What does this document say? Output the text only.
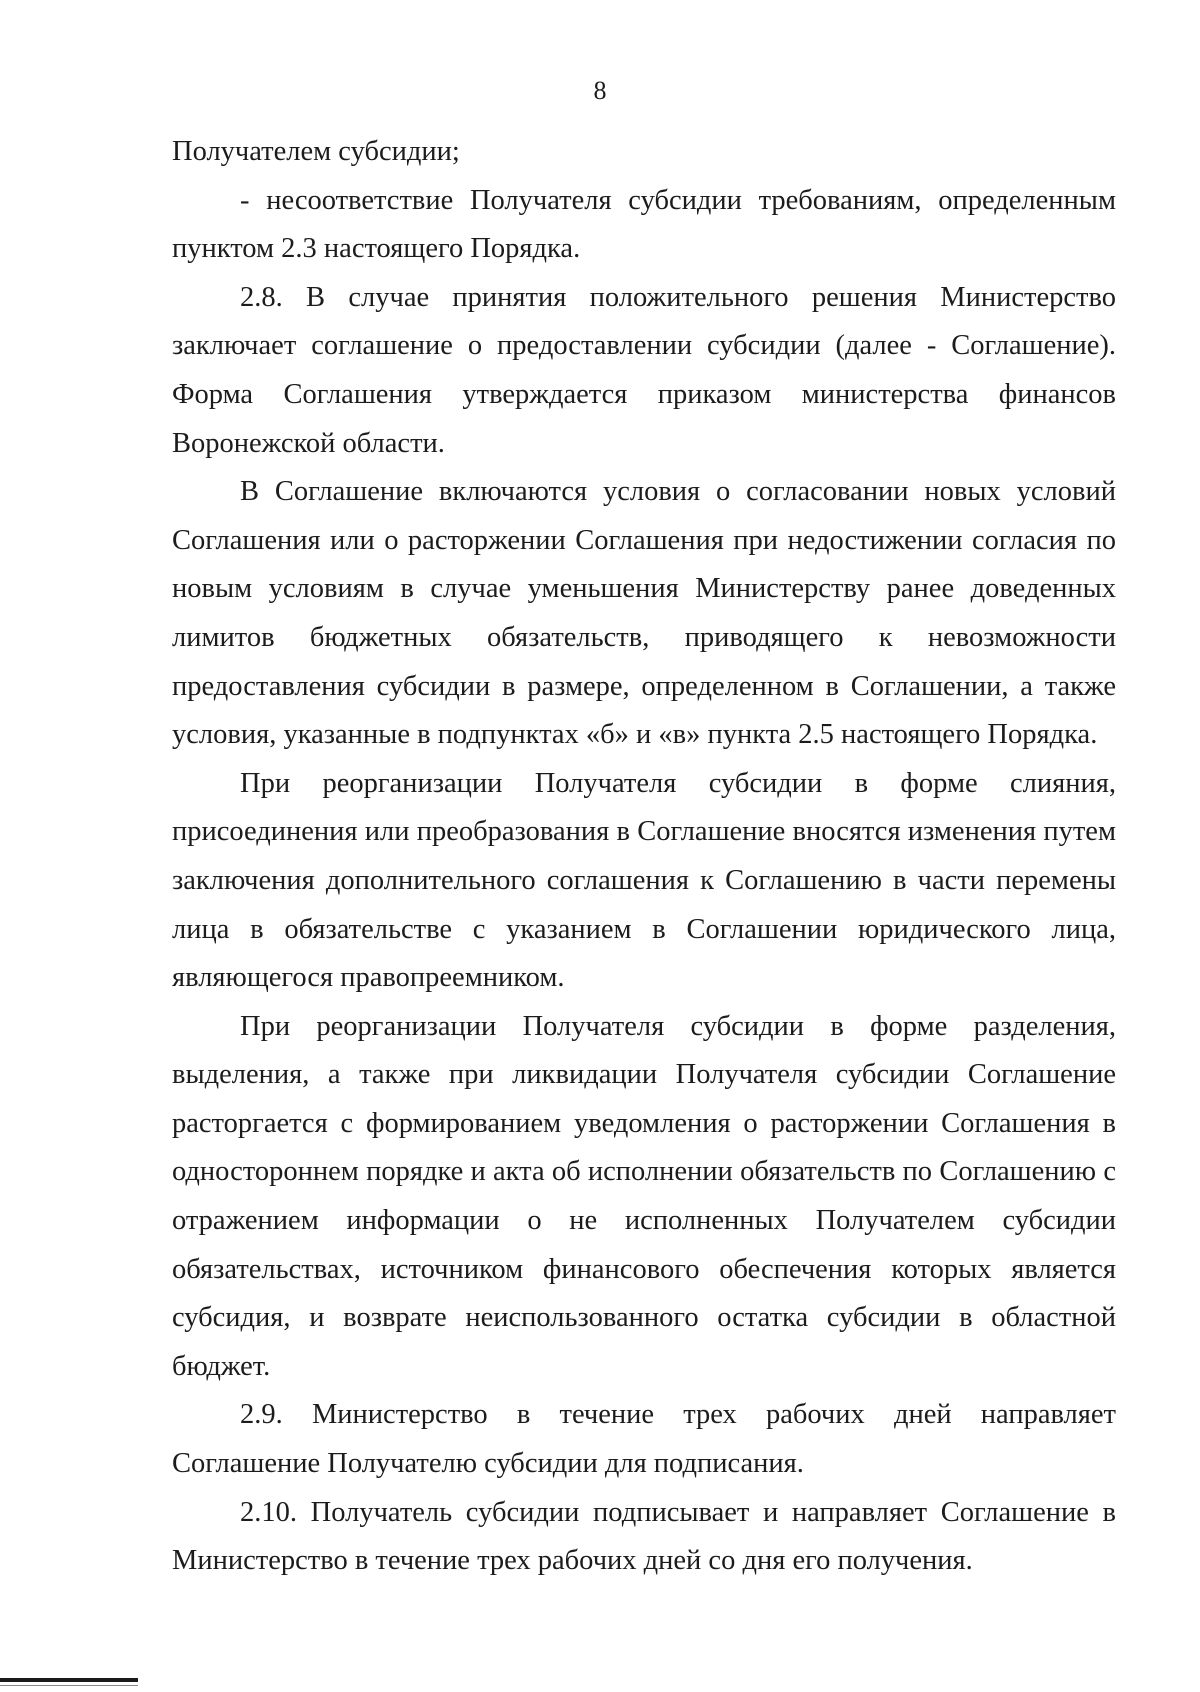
8

Получателем субсидии;

- несоответствие Получателя субсидии требованиям, определенным пунктом 2.3 настоящего Порядка.

2.8. В случае принятия положительного решения Министерство заключает соглашение о предоставлении субсидии (далее - Соглашение). Форма Соглашения утверждается приказом министерства финансов Воронежской области.

В Соглашение включаются условия о согласовании новых условий Соглашения или о расторжении Соглашения при недостижении согласия по новым условиям в случае уменьшения Министерству ранее доведенных лимитов бюджетных обязательств, приводящего к невозможности предоставления субсидии в размере, определенном в Соглашении, а также условия, указанные в подпунктах «б» и «в» пункта 2.5 настоящего Порядка.

При реорганизации Получателя субсидии в форме слияния, присоединения или преобразования в Соглашение вносятся изменения путем заключения дополнительного соглашения к Соглашению в части перемены лица в обязательстве с указанием в Соглашении юридического лица, являющегося правопреемником.

При реорганизации Получателя субсидии в форме разделения, выделения, а также при ликвидации Получателя субсидии Соглашение расторгается с формированием уведомления о расторжении Соглашения в одностороннем порядке и акта об исполнении обязательств по Соглашению с отражением информации о не исполненных Получателем субсидии обязательствах, источником финансового обеспечения которых является субсидия, и возврате неиспользованного остатка субсидии в областной бюджет.

2.9. Министерство в течение трех рабочих дней направляет Соглашение Получателю субсидии для подписания.

2.10. Получатель субсидии подписывает и направляет Соглашение в Министерство в течение трех рабочих дней со дня его получения.
